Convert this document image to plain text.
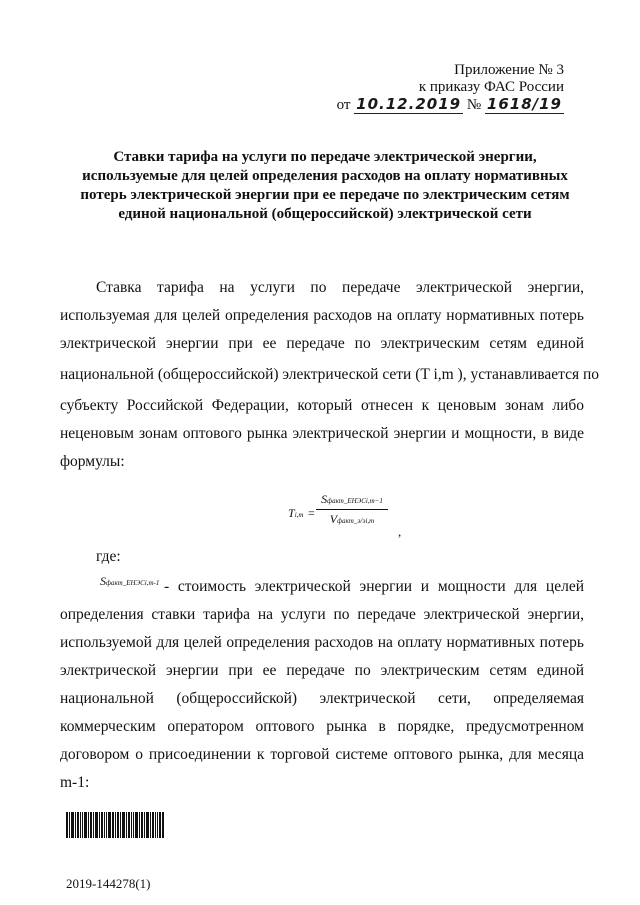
Приложение № 3
к приказу ФАС России
от 10.12.2019 № 1618/19
Ставки тарифа на услуги по передаче электрической энергии,
используемые для целей определения расходов на оплату нормативных
потерь электрической энергии при ее передаче по электрическим сетям
единой национальной (общероссийской) электрической сети
Ставка тарифа на услуги по передаче электрической энергии,
используемая для целей определения расходов на оплату нормативных потерь
электрической энергии при ее передаче по электрическим сетям единой
национальной (общероссийской) электрической сети (T i,m ), устанавливается по
субъекту Российской Федерации, который отнесен к ценовым зонам либо
неценовым зонам оптового рынка электрической энергии и мощности, в виде
формулы:
Ti,m =
Sфакт_ЕНЭСi,m−1
Vфакт_э/эi,m
,
где:
Sфакт_ЕНЭСi,m-1 - стоимость электрической энергии и мощности для целей
определения ставки тарифа на услуги по передаче электрической энергии,
используемой для целей определения расходов на оплату нормативных потерь
электрической энергии при ее передаче по электрическим сетям единой
национальной (общероссийской) электрической сети, определяемая
коммерческим оператором оптового рынка в порядке, предусмотренном
договором о присоединении к торговой системе оптового рынка, для месяца
m-1:
2019-144278(1)
